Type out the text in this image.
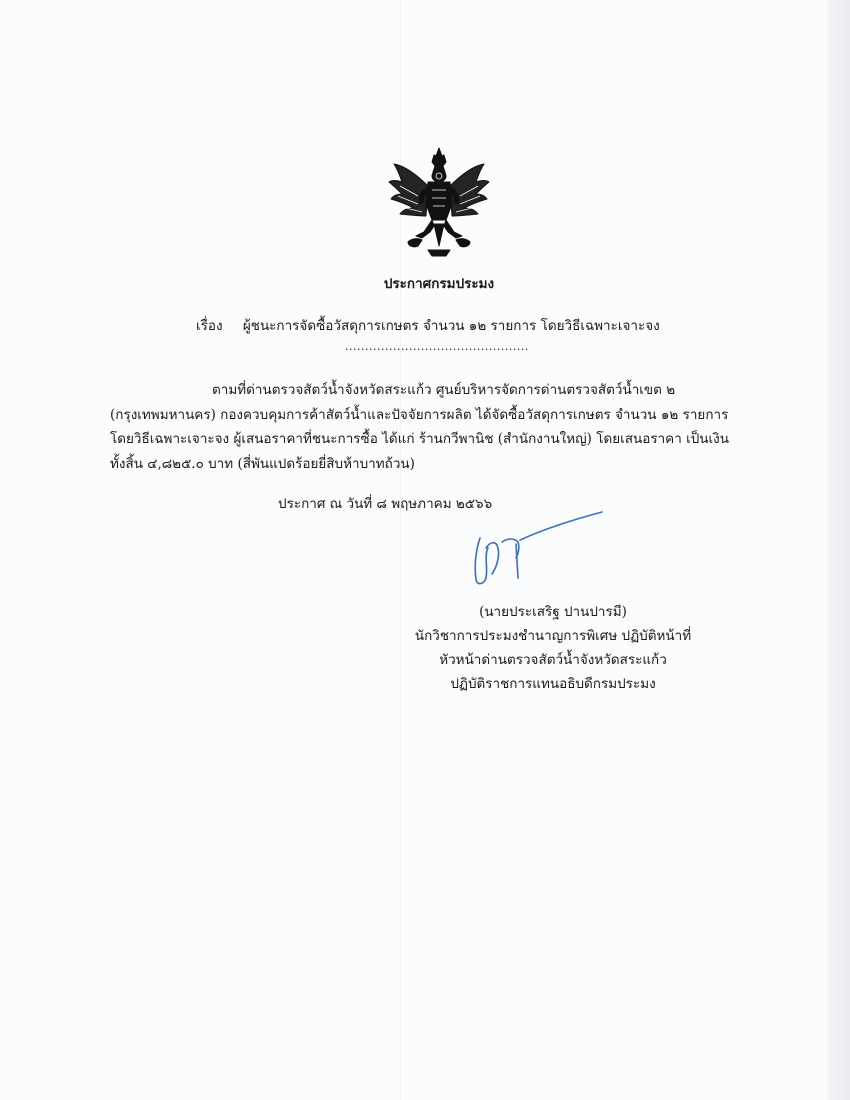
ประกาศกรมประมง
เรื่อง ผู้ชนะการจัดซื้อวัสดุการเกษตร จำนวน ๑๒ รายการ โดยวิธีเฉพาะเจาะจง
..............................................
ตามที่ด่านตรวจสัตว์น้ำจังหวัดสระแก้ว ศูนย์บริหารจัดการด่านตรวจสัตว์น้ำเขต ๒
(กรุงเทพมหานคร) กองควบคุมการค้าสัตว์น้ำและปัจจัยการผลิต ได้จัดซื้อวัสดุการเกษตร จำนวน ๑๒ รายการ
โดยวิธีเฉพาะเจาะจง ผู้เสนอราคาที่ชนะการซื้อ ได้แก่ ร้านกวีพานิช (สำนักงานใหญ่) โดยเสนอราคา เป็นเงิน
ทั้งสิ้น ๔,๘๒๕.๐ บาท (สี่พันแปดร้อยยี่สิบห้าบาทถ้วน)
ประกาศ ณ วันที่ ๘ พฤษภาคม ๒๕๖๖
(นายประเสริฐ ปานปารมี)
นักวิชาการประมงชำนาญการพิเศษ ปฏิบัติหน้าที่
หัวหน้าด่านตรวจสัตว์น้ำจังหวัดสระแก้ว
ปฏิบัติราชการแทนอธิบดีกรมประมง
